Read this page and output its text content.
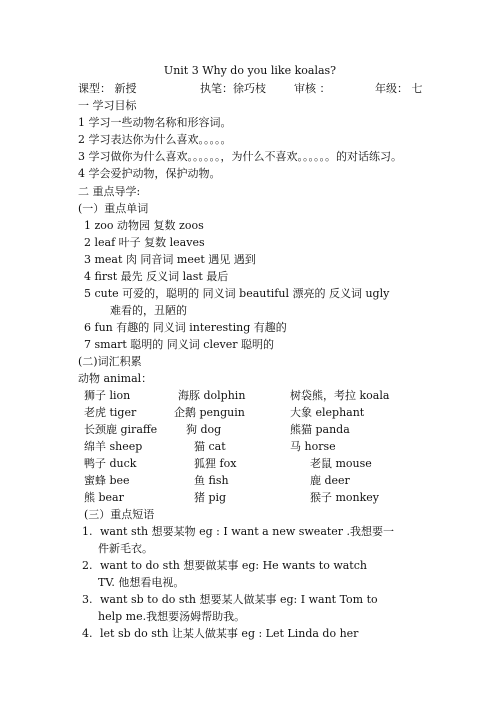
Unit 3 Why do you like koalas?
课型： 新授	执笔：徐巧枝	审核 ：	年级： 七
一 学习目标
1 学习一些动物名称和形容词。
2 学习表达你为什么喜欢。。。。。
3 学习做你为什么喜欢。。。。。。，为什么不喜欢。。。。。。的对话练习。
4 学会爱护动物，保护动物。
二 重点导学:
(一）重点单词
1 zoo 动物园 复数 zoos
2 leaf 叶子 复数 leaves
3 meat 肉 同音词 meet 遇见 遇到
4 first 最先 反义词 last 最后
5 cute 可爱的，聪明的 同义词 beautiful 漂亮的 反义词 ugly
难看的，丑陋的
6 fun 有趣的 同义词 interesting 有趣的
7 smart 聪明的 同义词 clever 聪明的
(二)词汇积累
动物 animal：
狮子 lion	海豚 dolphin	树袋熊，考拉 koala
老虎 tiger	企鹅 penguin	大象 elephant
长颈鹿 giraffe	狗 dog	熊猫 panda
绵羊 sheep	猫 cat	马 horse
鸭子 duck	狐狸 fox	老鼠 mouse
蜜蜂 bee	鱼 fish	鹿 deer
熊 bear	猪 pig	猴子 monkey
(三）重点短语
1. want sth 想要某物 eg : I want a new sweater .我想要一
件新毛衣。
2. want to do sth 想要做某事 eg: He wants to watch
TV. 他想看电视。
3. want sb to do sth 想要某人做某事 eg: I want Tom to
help me.我想要汤姆帮助我。
4. let sb do sth 让某人做某事 eg : Let Linda do her
